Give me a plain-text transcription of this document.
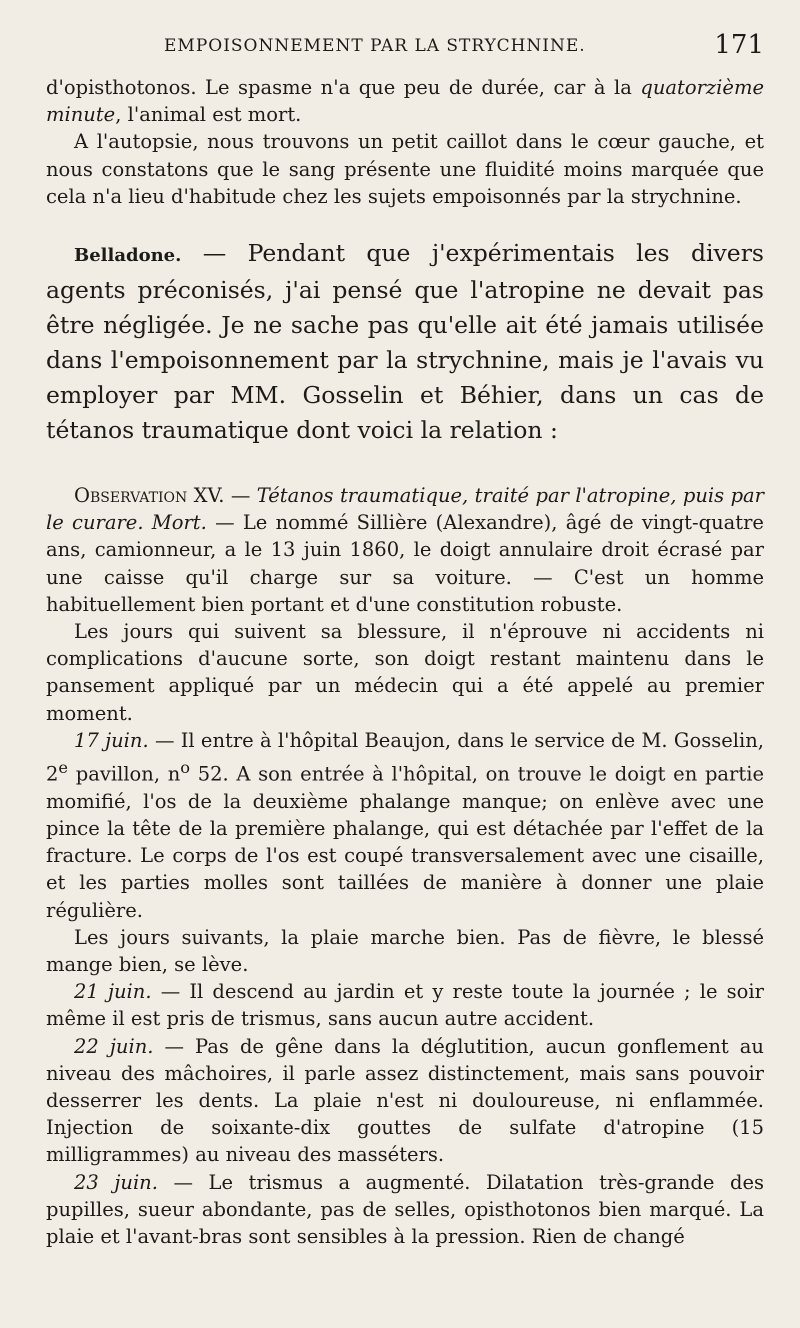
EMPOISONNEMENT PAR LA STRYCHNINE.	171

d'opisthotonos. Le spasme n'a que peu de durée, car à la quatorzième minute, l'animal est mort.

A l'autopsie, nous trouvons un petit caillot dans le cœur gauche, et nous constatons que le sang présente une fluidité moins marquée que cela n'a lieu d'habitude chez les sujets empoisonnés par la strychnine.

Belladone. — Pendant que j'expérimentais les divers agents préconisés, j'ai pensé que l'atropine ne devait pas être négligée. Je ne sache pas qu'elle ait été jamais utilisée dans l'empoisonnement par la strychnine, mais je l'avais vu employer par MM. Gosselin et Béhier, dans un cas de tétanos traumatique dont voici la relation :

Observation XV. — Tétanos traumatique, traité par l'atropine, puis par le curare. Mort. — Le nommé Sillière (Alexandre), âgé de vingt-quatre ans, camionneur, a le 13 juin 1860, le doigt annulaire droit écrasé par une caisse qu'il charge sur sa voiture. — C'est un homme habituellement bien portant et d'une constitution robuste.

Les jours qui suivent sa blessure, il n'éprouve ni accidents ni complications d'aucune sorte, son doigt restant maintenu dans le pansement appliqué par un médecin qui a été appelé au premier moment.

17 juin. — Il entre à l'hôpital Beaujon, dans le service de M. Gosselin, 2e pavillon, $n^o$ 52. A son entrée à l'hôpital, on trouve le doigt en partie momifié, l'os de la deuxième phalange manque; on enlève avec une pince la tête de la première phalange, qui est détachée par l'effet de la fracture. Le corps de l'os est coupé transversalement avec une cisaille, et les parties molles sont taillées de manière à donner une plaie régulière.

Les jours suivants, la plaie marche bien. Pas de fièvre, le blessé mange bien, se lève.

21 juin. — Il descend au jardin et y reste toute la journée ; le soir même il est pris de trismus, sans aucun autre accident.

22 juin. — Pas de gêne dans la déglutition, aucun gonflement au niveau des mâchoires, il parle assez distinctement, mais sans pouvoir desserrer les dents. La plaie n'est ni douloureuse, ni enflammée. Injection de soixante-dix gouttes de sulfate d'atropine (15 milligrammes) au niveau des masséters.

23 juin. — Le trismus a augmenté. Dilatation très-grande des pupilles, sueur abondante, pas de selles, opisthotonos bien marqué. La plaie et l'avant-bras sont sensibles à la pression. Rien de changé
